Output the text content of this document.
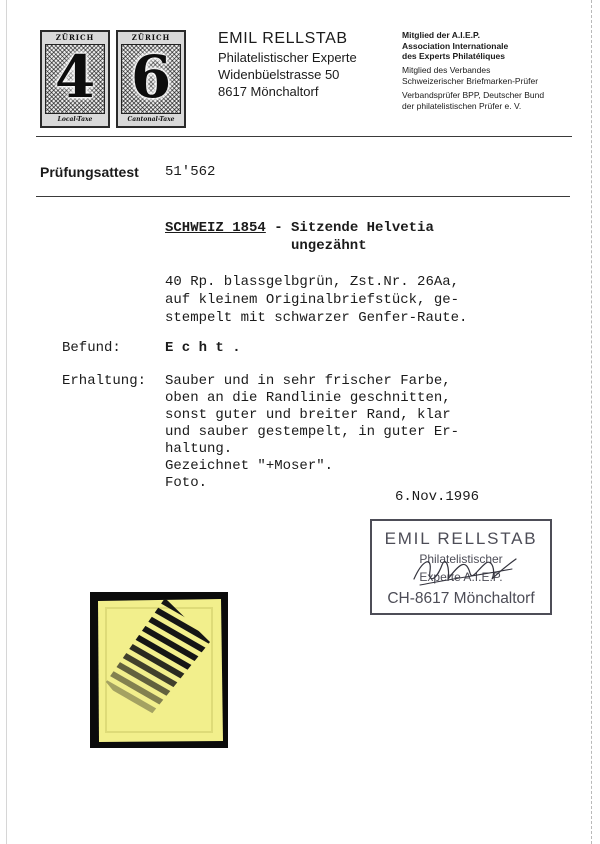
ZÜRICH
4
Local-Taxe
ZÜRICH
6
Cantonal-Taxe
EMIL RELLSTAB
Philatelistischer Experte
Widenbüelstrasse 50
8617 Mönchaltorf
Mitglied der A.I.E.P.
Association Internationale
des Experts Philatéliques
Mitglied des Verbandes
Schweizerischer Briefmarken-Prüfer
Verbandsprüfer BPP, Deutscher Bund
der philatelistischen Prüfer e. V.
Prüfungsattest 51'562
SCHWEIZ 1854 - Sitzende Helvetia
ungezähnt
40 Rp. blassgelbgrün, Zst.Nr. 26Aa,
auf kleinem Originalbriefstück, ge-
stempelt mit schwarzer Genfer-Raute.
Befund:	E c h t .
Erhaltung: Sauber und in sehr frischer Farbe,
oben an die Randlinie geschnitten,
sonst guter und breiter Rand, klar
und sauber gestempelt, in guter Er-
haltung.
Gezeichnet "+Moser".
Foto.
6.Nov.1996
EMIL RELLSTAB
Philatelistischer
Experte A.I.E.P.
CH-8617 Mönchaltorf
